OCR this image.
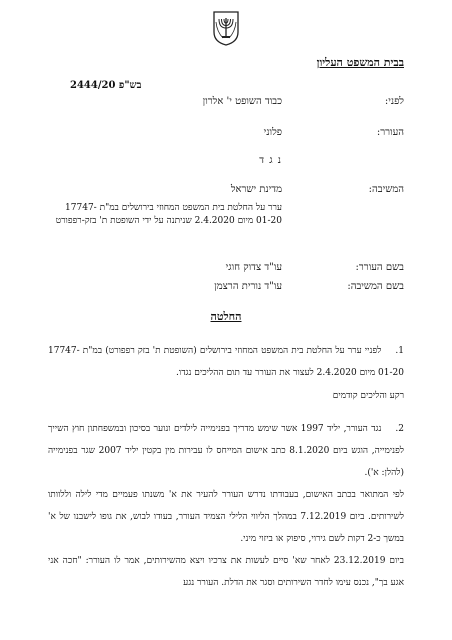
בבית המשפט העליון
בש"פ 2444/20
לפני:
כבוד השופט י' אלרון
העורר:
פלוני
נ ג ד
המשיבה:
מדינת ישראל
ערר על החלטת בית המשפט המחוזי בירושלים במ"ת 17747-01-20 מיום 2.4.2020 שניתנה על ידי השופטת ת' בזק-רפפורט
בשם העורר:
עו"ד צדוק חוגי
בשם המשיבה:
עו"ד נורית הרצמן
החלטה
1.לפניי ערר על החלטת בית המשפט המחוזי בירושלים (השופטת ת' בזק רפפורט) במ"ת 17747-01-20 מיום 2.4.2020 לעצור את העורר עד תום ההליכים נגדו.
רקע והליכים קודמים
2.נגד העורר, יליד 1997 אשר שימש מדריך בפנימייה לילדים ונוער בסיכון ובמשפחתון חוץ השייך לפנימייה, הוגש ביום 8.1.2020 כתב אישום המייחס לו עבירות מין בקטין יליד 2007 שגר בפנימייה (להלן: א').
לפי המתואר בכתב האישום, בעבודתו נדרש העורר להעיר את א' משנתו פעמיים מדי לילה וללוותו לשירותים. ביום 7.12.2019 במהלך הליווי הלילי הצמיד העורר, בעודו לבוש, את גופו לישבנו של א' במשך כ-2 דקות לשם גירוי, סיפוק או ביזוי מיני.
ביום 23.12.2019 לאחר שא' סיים לעשות את צרכיו ויצא מהשירותים, אמר לו העורר: "חכה אני אגע בך", נכנס עימו לחדר השירותים וסגר את הדלת. העורר נגע
